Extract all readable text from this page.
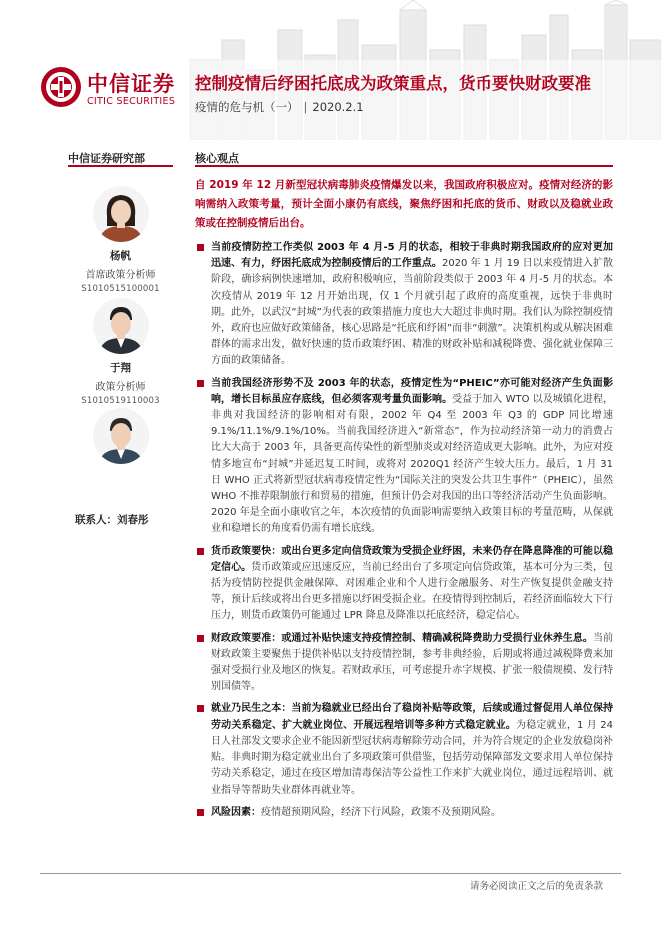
中信证券
CITIC SECURITIES
控制疫情后纾困托底成为政策重点，货币要快财政要准
疫情的危与机（一） | 2020.2.1
中信证券研究部	核心观点
杨帆
首席政策分析师
S1010515100001
于翔
政策分析师
S1010519110003
联系人：刘春彤
自 2019 年 12 月新型冠状病毒肺炎疫情爆发以来，我国政府积极应对。疫情对经济的影响需纳入政策考量，预计全面小康仍有底线，聚焦纾困和托底的货币、财政以及稳就业政策或在控制疫情后出台。
当前疫情防控工作类似 2003 年 4 月-5 月的状态，相较于非典时期我国政府的应对更加迅速、有力，纾困托底成为控制疫情后的工作重点。2020 年 1 月 19 日以来疫情进入扩散阶段，确诊病例快速增加，政府积极响应，当前阶段类似于 2003 年 4 月-5 月的状态。本次疫情从 2019 年 12 月开始出现，仅 1 个月就引起了政府的高度重视，远快于非典时期。此外，以武汉“封城”为代表的政策措施力度也大大超过非典时期。我们认为除控制疫情外，政府也应做好政策储备，核心思路是“托底和纾困”而非“刺激”。决策机构或从解决困难群体的需求出发，做好快速的货币政策纾困、精准的财政补贴和减税降费、强化就业保障三方面的政策储备。
当前我国经济形势不及 2003 年的状态，疫情定性为“PHEIC”亦可能对经济产生负面影响，增长目标虽应存底线，但必须客观考量负面影响。受益于加入 WTO 以及城镇化进程，非典对我国经济的影响相对有限，2002 年 Q4 至 2003 年 Q3 的 GDP 同比增速 9.1%/11.1%/9.1%/10%。当前我国经济进入“新常态”，作为拉动经济第一动力的消费占比大大高于 2003 年，具备更高传染性的新型肺炎或对经济造成更大影响。此外，为应对疫情多地宣布“封城”并延迟复工时间，或将对 2020Q1 经济产生较大压力。最后，1 月 31 日 WHO 正式将新型冠状病毒疫情定性为“国际关注的突发公共卫生事件”（PHEIC），虽然 WHO 不推荐限制旅行和贸易的措施，但预计仍会对我国的出口等经济活动产生负面影响。2020 年是全面小康收官之年，本次疫情的负面影响需要纳入政策目标的考量范畴，从保就业和稳增长的角度看仍需有增长底线。
货币政策要快：或出台更多定向信贷政策为受损企业纾困，未来仍存在降息降准的可能以稳定信心。货币政策或应迅速反应，当前已经出台了多项定向信贷政策，基本可分为三类，包括为疫情防控提供金融保障、对困难企业和个人进行金融服务、对生产恢复提供金融支持等，预计后续或将出台更多措施以纾困受损企业。在疫情得到控制后，若经济面临较大下行压力，则货币政策仍可能通过 LPR 降息及降准以托底经济，稳定信心。
财政政策要准：或通过补贴快速支持疫情控制、精确减税降费助力受损行业休养生息。当前财政政策主要聚焦于提供补贴以支持疫情控制，参考非典经验，后期或将通过减税降费来加强对受损行业及地区的恢复。若财政承压，可考虑提升赤字规模、扩张一般债规模、发行特别国债等。
就业乃民生之本：当前为稳就业已经出台了稳岗补贴等政策，后续或通过督促用人单位保持劳动关系稳定、扩大就业岗位、开展远程培训等多种方式稳定就业。为稳定就业，1 月 24 日人社部发文要求企业不能因新型冠状病毒解除劳动合同，并为符合规定的企业发放稳岗补贴。非典时期为稳定就业出台了多项政策可供借鉴，包括劳动保障部发文要求用人单位保持劳动关系稳定，通过在疫区增加清毒保洁等公益性工作来扩大就业岗位，通过远程培训、就业指导等帮助失业群体再就业等。
风险因素：疫情超预期风险，经济下行风险，政策不及预期风险。
请务必阅读正文之后的免责条款
